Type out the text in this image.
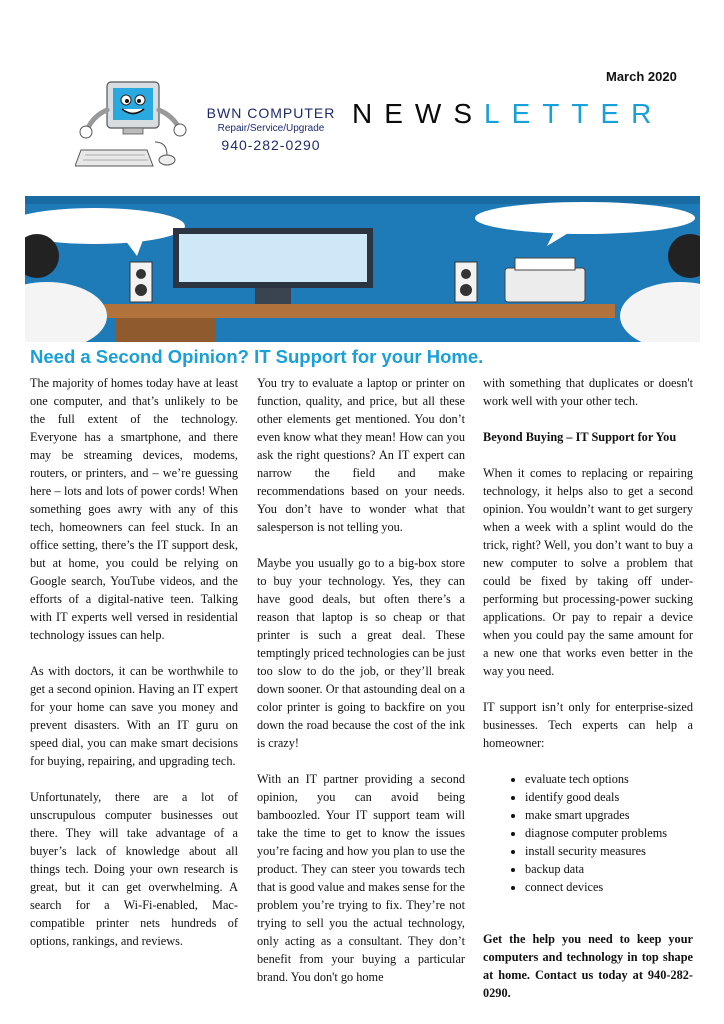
March 2020
BWN COMPUTER
Repair/Service/Upgrade
940-282-0290
NEWSLETTER
Need a Second Opinion? IT Support for your Home.

The majority of homes today have at least one computer, and that’s unlikely to be the full extent of the technology. Everyone has a smartphone, and there may be streaming devices, modems, routers, or printers, and – we’re guessing here – lots and lots of power cords! When something goes awry with any of this tech, homeowners can feel stuck. In an office setting, there’s the IT support desk, but at home, you could be relying on Google search, YouTube videos, and the efforts of a digital-native teen. Talking with IT experts well versed in residential technology issues can help.

As with doctors, it can be worthwhile to get a second opinion. Having an IT expert for your home can save you money and prevent disasters. With an IT guru on speed dial, you can make smart decisions for buying, repairing, and upgrading tech.

Unfortunately, there are a lot of unscrupulous computer businesses out there. They will take advantage of a buyer’s lack of knowledge about all things tech. Doing your own research is great, but it can get overwhelming. A search for a Wi-Fi-enabled, Mac-compatible printer nets hundreds of options, rankings, and reviews.

You try to evaluate a laptop or printer on function, quality, and price, but all these other elements get mentioned. You don’t even know what they mean! How can you ask the right questions? An IT expert can narrow the field and make recommendations based on your needs. You don’t have to wonder what that salesperson is not telling you.

Maybe you usually go to a big-box store to buy your technology. Yes, they can have good deals, but often there’s a reason that laptop is so cheap or that printer is such a great deal. These temptingly priced technologies can be just too slow to do the job, or they’ll break down sooner. Or that astounding deal on a color printer is going to backfire on you down the road because the cost of the ink is crazy!

With an IT partner providing a second opinion, you can avoid being bamboozled. Your IT support team will take the time to get to know the issues you’re facing and how you plan to use the product. They can steer you towards tech that is good value and makes sense for the problem you’re trying to fix. They’re not trying to sell you the actual technology, only acting as a consultant. They don’t benefit from your buying a particular brand. You don't go home

with something that duplicates or doesn't work well with your other tech.

Beyond Buying – IT Support for You

When it comes to replacing or repairing technology, it helps also to get a second opinion. You wouldn’t want to get surgery when a week with a splint would do the trick, right? Well, you don’t want to buy a new computer to solve a problem that could be fixed by taking off under-performing but processing-power sucking applications. Or pay to repair a device when you could pay the same amount for a new one that works even better in the way you need.

IT support isn’t only for enterprise-sized businesses. Tech experts can help a homeowner:

• evaluate tech options
• identify good deals
• make smart upgrades
• diagnose computer problems
• install security measures
• backup data
• connect devices

Get the help you need to keep your computers and technology in top shape at home. Contact us today at 940-282-0290.
